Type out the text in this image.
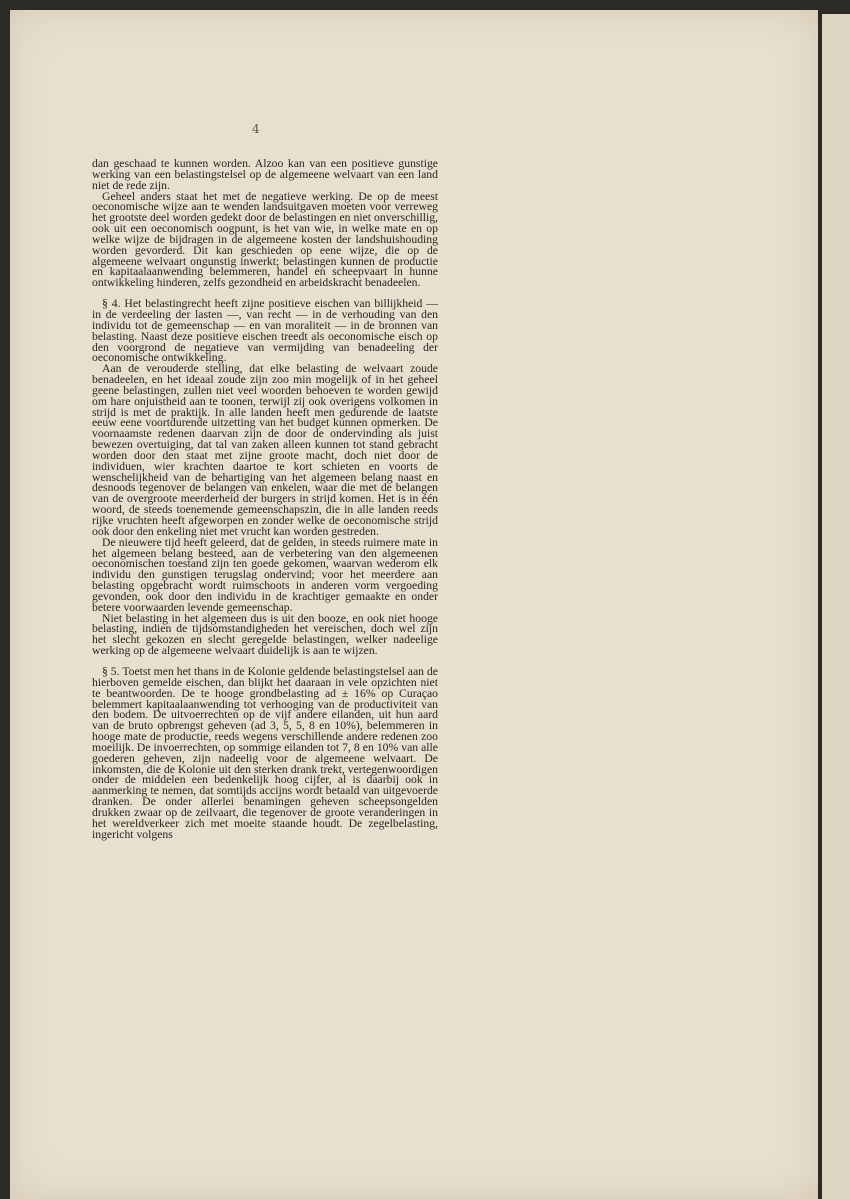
4

dan geschaad te kunnen worden. Alzoo kan van een positieve gunstige werking van een belastingstelsel op de algemeene welvaart van een land niet de rede zijn.

Geheel anders staat het met de negatieve werking. De op de meest oeconomische wijze aan te wenden landsuitgaven moeten voor verreweg het grootste deel worden gedekt door de belastingen en niet onverschillig, ook uit een oeconomisch oogpunt, is het van wie, in welke mate en op welke wijze de bijdragen in de algemeene kosten der landshuishouding worden gevorderd. Dit kan geschieden op eene wijze, die op de algemeene welvaart ongunstig inwerkt; belastingen kunnen de productie en kapitaalaanwending belemmeren, handel en scheepvaart in hunne ontwikkeling hinderen, zelfs gezondheid en arbeidskracht benadeelen.

§ 4. Het belastingrecht heeft zijne positieve eischen van billijkheid — in de verdeeling der lasten —, van recht — in de verhouding van den individu tot de gemeenschap — en van moraliteit — in de bronnen van belasting. Naast deze positieve eischen treedt als oeconomische eisch op den voorgrond de negatieve van vermijding van benadeeling der oeconomische ontwikkeling.

Aan de verouderde stelling, dat elke belasting de welvaart zoude benadeelen, en het ideaal zoude zijn zoo min mogelijk of in het geheel geene belastingen, zullen niet veel woorden behoeven te worden gewijd om hare onjuistheid aan te toonen, terwijl zij ook overigens volkomen in strijd is met de praktijk. In alle landen heeft men gedurende de laatste eeuw eene voortdurende uitzetting van het budget kunnen opmerken. De voornaamste redenen daarvan zijn de door de ondervinding als juist bewezen overtuiging, dat tal van zaken alleen kunnen tot stand gebracht worden door den staat met zijne groote macht, doch niet door de individuen, wier krachten daartoe te kort schieten en voorts de wenschelijkheid van de behartiging van het algemeen belang naast en desnoods tegenover de belangen van enkelen, waar die met de belangen van de overgroote meerderheid der burgers in strijd komen. Het is in één woord, de steeds toenemende gemeenschapszin, die in alle landen reeds rijke vruchten heeft afgeworpen en zonder welke de oeconomische strijd ook door den enkeling niet met vrucht kan worden gestreden.

De nieuwere tijd heeft geleerd, dat de gelden, in steeds ruimere mate in het algemeen belang besteed, aan de verbetering van den algemeenen oeconomischen toestand zijn ten goede gekomen, waarvan wederom elk individu den gunstigen terugslag ondervind; voor het meerdere aan belasting opgebracht wordt ruimschoots in anderen vorm vergoeding gevonden, ook door den individu in de krachtiger gemaakte en onder betere voorwaarden levende gemeenschap.

Niet belasting in het algemeen dus is uit den booze, en ook niet hooge belasting, indien de tijdsomstandigheden het vereischen, doch wel zijn het slecht gekozen en slecht geregelde belastingen, welker nadeelige werking op de algemeene welvaart duidelijk is aan te wijzen.

§ 5. Toetst men het thans in de Kolonie geldende belastingstelsel aan de hierboven gemelde eischen, dan blijkt het daaraan in vele opzichten niet te beantwoorden. De te hooge grondbelasting ad ± 16% op Curaçao belemmert kapitaalaanwending tot verhooging van de productiviteit van den bodem. De uitvoerrechten op de vijf andere eilanden, uit hun aard van de bruto opbrengst geheven (ad 3, 5, 5, 8 en 10%), belemmeren in hooge mate de productie, reeds wegens verschillende andere redenen zoo moeilijk. De invoerrechten, op sommige eilanden tot 7, 8 en 10% van alle goederen geheven, zijn nadeelig voor de algemeene welvaart. De inkomsten, die de Kolonie uit den sterken drank trekt, vertegenwoordigen onder de middelen een bedenkelijk hoog cijfer, al is daarbij ook in aanmerking te nemen, dat somtijds accijns wordt betaald van uitgevoerde dranken. De onder allerlei benamingen geheven scheepsongelden drukken zwaar op de zeilvaart, die tegenover de groote veranderingen in het wereldverkeer zich met moeite staande houdt. De zegelbelasting, ingericht volgens
